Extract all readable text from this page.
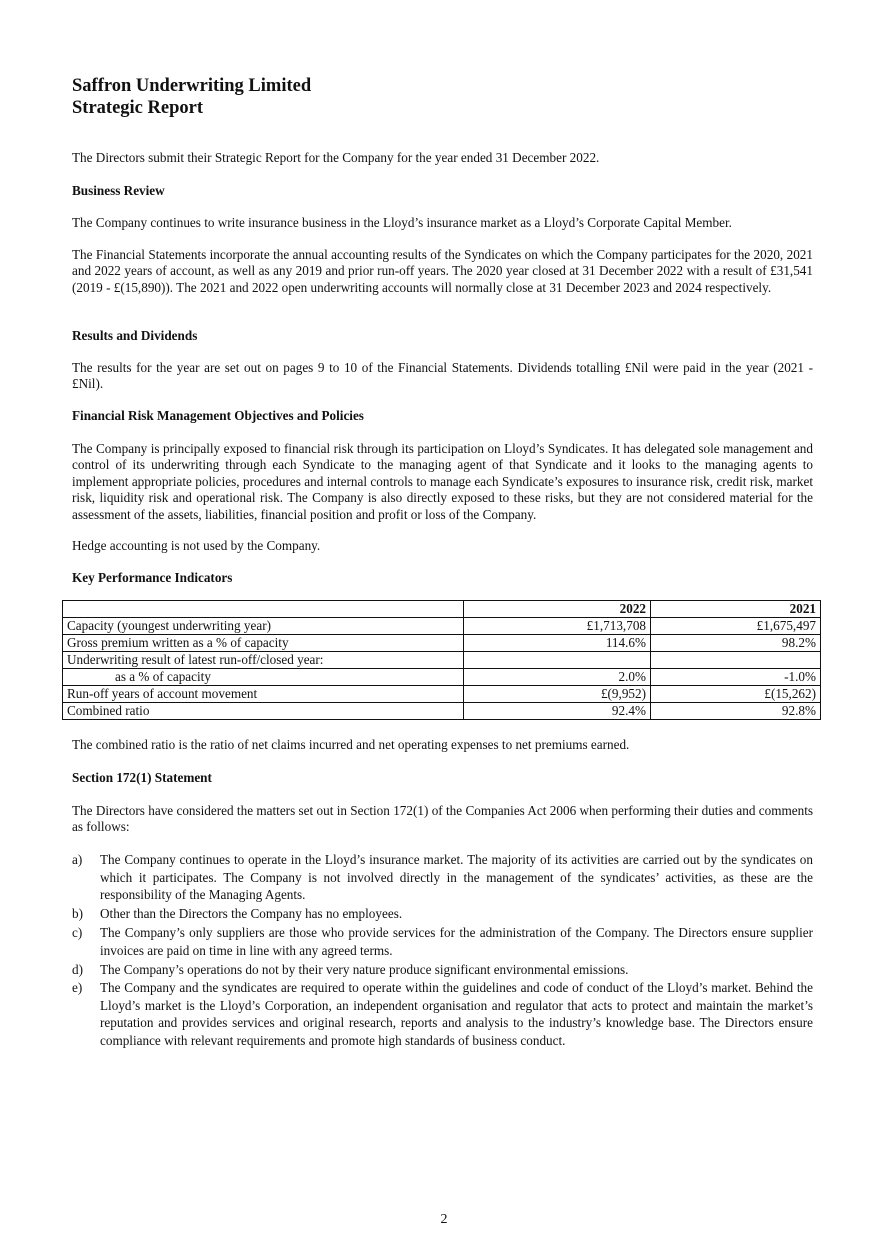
Saffron Underwriting Limited
Strategic Report

The Directors submit their Strategic Report for the Company for the year ended 31 December 2022.

Business Review

The Company continues to write insurance business in the Lloyd’s insurance market as a Lloyd’s Corporate Capital Member.

The Financial Statements incorporate the annual accounting results of the Syndicates on which the Company participates for the 2020, 2021 and 2022 years of account, as well as any 2019 and prior run-off years. The 2020 year closed at 31 December 2022 with a result of £31,541 (2019 - £(15,890)). The 2021 and 2022 open underwriting accounts will normally close at 31 December 2023 and 2024 respectively.

Results and Dividends

The results for the year are set out on pages 9 to 10 of the Financial Statements. Dividends totalling £Nil were paid in the year (2021 - £Nil).

Financial Risk Management Objectives and Policies

The Company is principally exposed to financial risk through its participation on Lloyd’s Syndicates. It has delegated sole management and control of its underwriting through each Syndicate to the managing agent of that Syndicate and it looks to the managing agents to implement appropriate policies, procedures and internal controls to manage each Syndicate’s exposures to insurance risk, credit risk, market risk, liquidity risk and operational risk. The Company is also directly exposed to these risks, but they are not considered material for the assessment of the assets, liabilities, financial position and profit or loss of the Company.

Hedge accounting is not used by the Company.

Key Performance Indicators

	2022	2021
Capacity (youngest underwriting year)	£1,713,708	£1,675,497
Gross premium written as a % of capacity	114.6%	98.2%
Underwriting result of latest run-off/closed year:		
as a % of capacity	2.0%	-1.0%
Run-off years of account movement	£(9,952)	£(15,262)
Combined ratio	92.4%	92.8%

The combined ratio is the ratio of net claims incurred and net operating expenses to net premiums earned.

Section 172(1) Statement

The Directors have considered the matters set out in Section 172(1) of the Companies Act 2006 when performing their duties and comments as follows:

a) The Company continues to operate in the Lloyd’s insurance market. The majority of its activities are carried out by the syndicates on which it participates. The Company is not involved directly in the management of the syndicates’ activities, as these are the responsibility of the Managing Agents.
b) Other than the Directors the Company has no employees.
c) The Company’s only suppliers are those who provide services for the administration of the Company. The Directors ensure supplier invoices are paid on time in line with any agreed terms.
d) The Company’s operations do not by their very nature produce significant environmental emissions.
e) The Company and the syndicates are required to operate within the guidelines and code of conduct of the Lloyd’s market. Behind the Lloyd’s market is the Lloyd’s Corporation, an independent organisation and regulator that acts to protect and maintain the market’s reputation and provides services and original research, reports and analysis to the industry’s knowledge base. The Directors ensure compliance with relevant requirements and promote high standards of business conduct.
2
